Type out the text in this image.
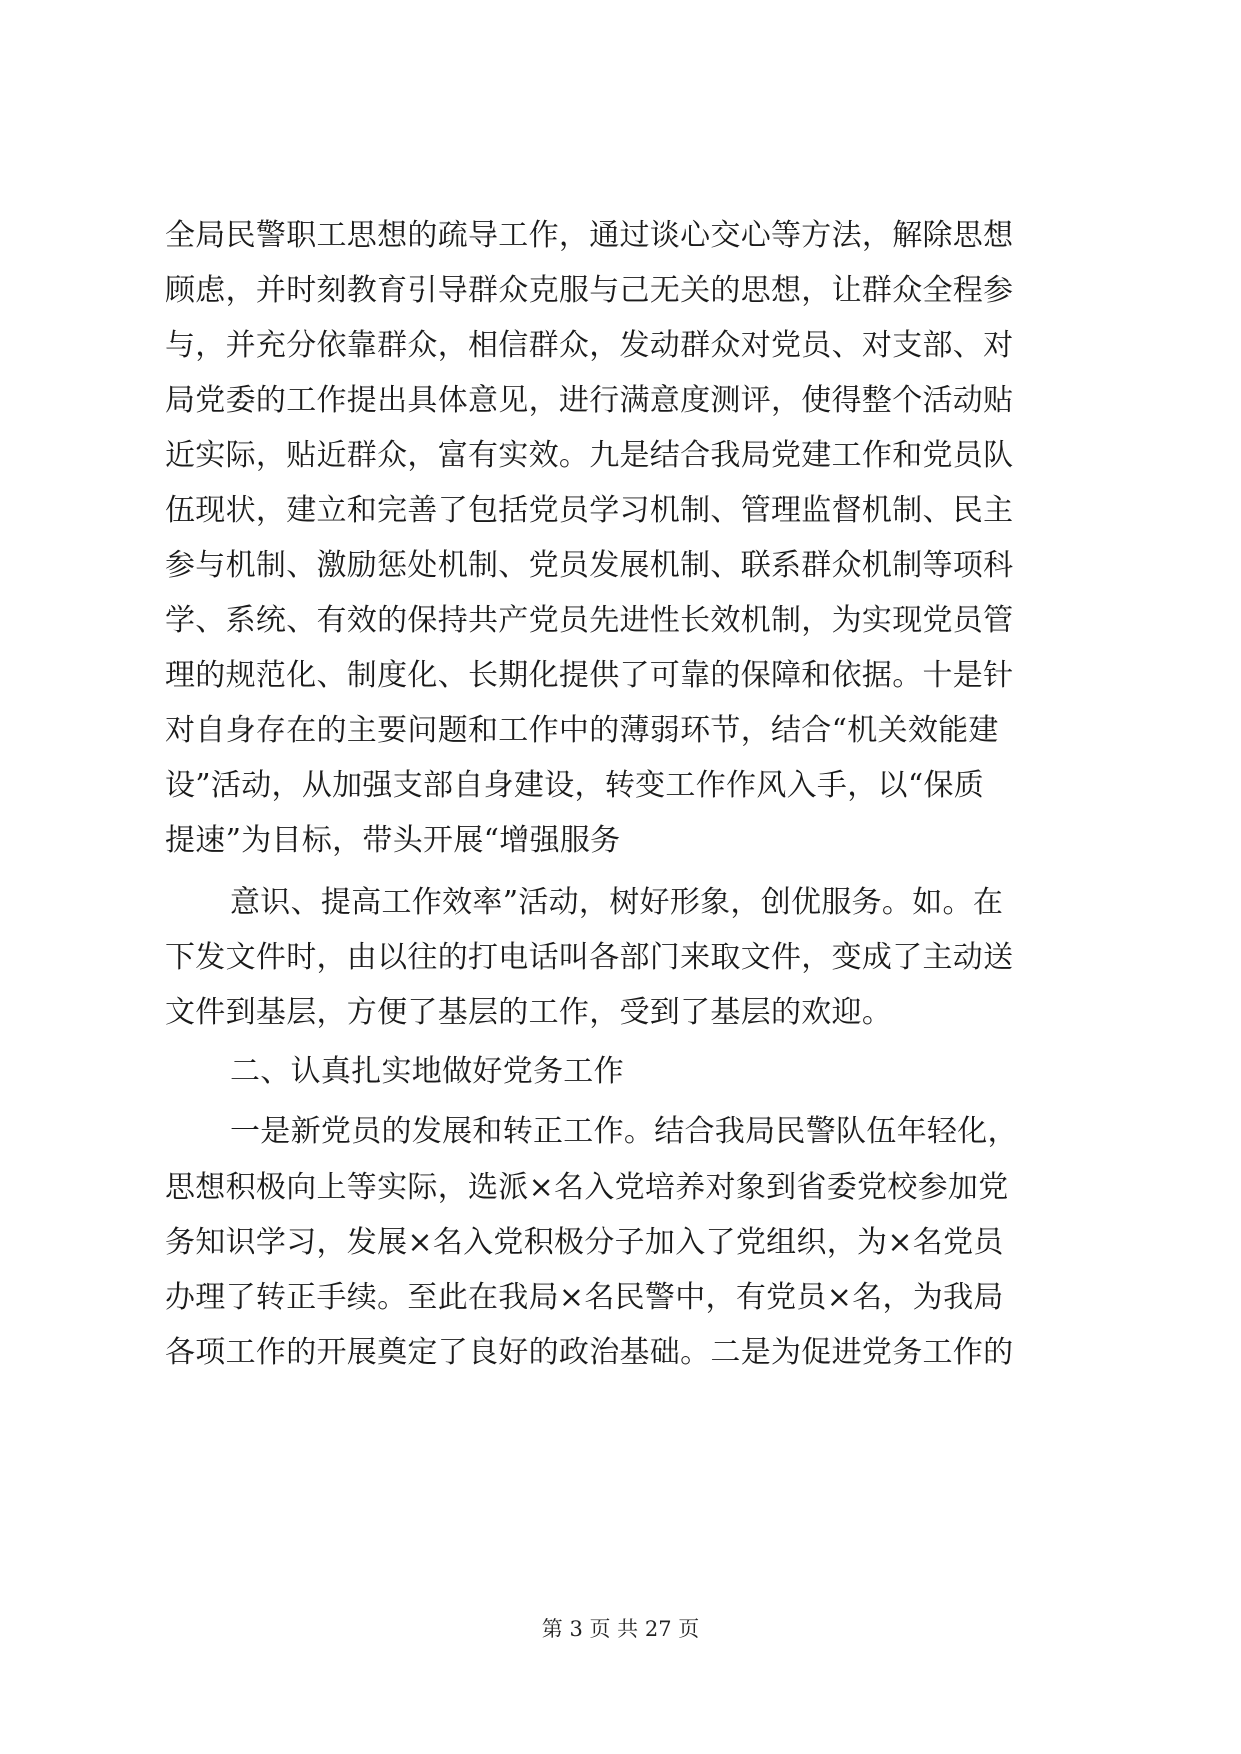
全局民警职工思想的疏导工作，通过谈心交心等方法，解除思想
顾虑，并时刻教育引导群众克服与己无关的思想，让群众全程参
与，并充分依靠群众，相信群众，发动群众对党员、对支部、对
局党委的工作提出具体意见，进行满意度测评，使得整个活动贴
近实际，贴近群众，富有实效。九是结合我局党建工作和党员队
伍现状，建立和完善了包括党员学习机制、管理监督机制、民主
参与机制、激励惩处机制、党员发展机制、联系群众机制等项科
学、系统、有效的保持共产党员先进性长效机制，为实现党员管
理的规范化、制度化、长期化提供了可靠的保障和依据。十是针
对自身存在的主要问题和工作中的薄弱环节，结合“机关效能建
设”活动，从加强支部自身建设，转变工作作风入手，以“保质
提速”为目标，带头开展“增强服务
意识、提高工作效率”活动，树好形象，创优服务。如。在
下发文件时，由以往的打电话叫各部门来取文件，变成了主动送
文件到基层，方便了基层的工作，受到了基层的欢迎。
二、认真扎实地做好党务工作
一是新党员的发展和转正工作。结合我局民警队伍年轻化，
思想积极向上等实际，选派×名入党培养对象到省委党校参加党
务知识学习，发展×名入党积极分子加入了党组织，为×名党员
办理了转正手续。至此在我局×名民警中，有党员×名，为我局
各项工作的开展奠定了良好的政治基础。二是为促进党务工作的
第 3 页 共 27 页
